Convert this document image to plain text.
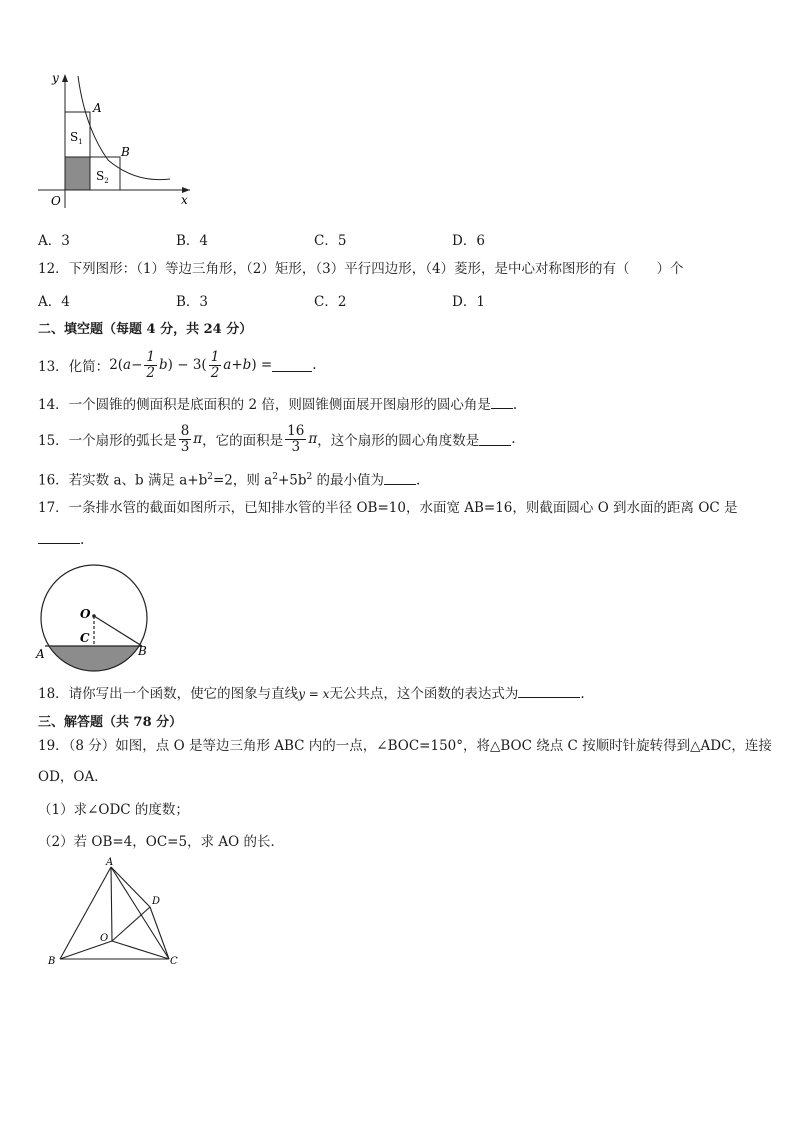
y
x
O
A
B
$S_1$
$S_2$
A．3	B．4	C．5	D．6
12．下列图形：（1）等边三角形，（2）矩形，（3）平行四边形，（4）菱形，是中心对称图形的有（　　）个
A．4	B．3	C．2	D．1
二、填空题（每题 4 分，共 24 分）
13．化简： 2( $a - \frac{1}{2}$ b ) − $3( \frac{1}{2}$ a + b ) =	.
14．一个圆锥的侧面积是底面积的 2 倍，则圆锥侧面展开图扇形的圆心角是 .
15．一个扇形的弧长是 $\frac{8}{3}$ π ，它的面积是 $\frac{16}{3}$ π ，这个扇形的圆心角度数是 .
16．若实数 a、b 满足 $a+b^2=2$，则 $a^2+5b^2$ 的最小值为 .
17．一条排水管的截面如图所示，已知排水管的半径 OB=10，水面宽 AB=16，则截面圆心 O 到水面的距离 OC 是
.
O
C
A	B
18．请你写出一个函数，使它的图象与直线y = x无公共点，这个函数的表达式为	.
三、解答题（共 78 分）
19．（8 分）如图，点 O 是等边三角形 ABC 内的一点，∠BOC=150°，将△BOC 绕点 C 按顺时针旋转得到△ADC，连接
OD，OA．
（1）求∠ODC 的度数；
（2）若 OB=4，OC=5，求 AO 的长．
A
B	C
D
O
